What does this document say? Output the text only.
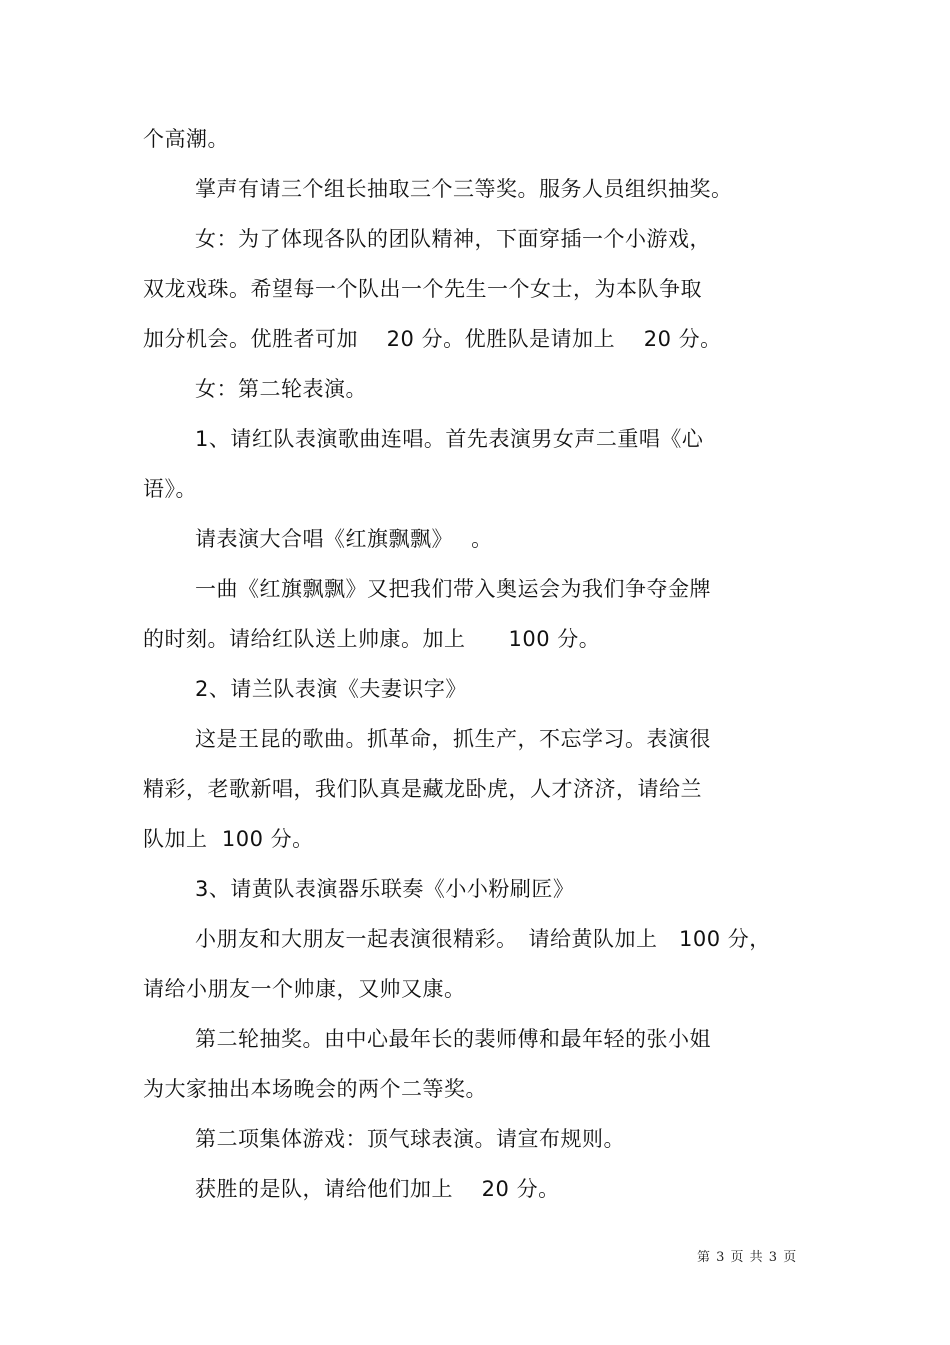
个高潮。
掌声有请三个组长抽取三个三等奖。服务人员组织抽奖。
女：为了体现各队的团队精神，下面穿插一个小游戏，
双龙戏珠。希望每一个队出一个先生一个女士，为本队争取
加分机会。优胜者可加　 20 分。优胜队是请加上　 20 分。
女：第二轮表演。
1、请红队表演歌曲连唱。首先表演男女声二重唱《心
语》。
请表演大合唱《红旗飘飘》　 。
一曲《红旗飘飘》又把我们带入奥运会为我们争夺金牌
的时刻。请给红队送上帅康。加上　　100 分。
2、请兰队表演《夫妻识字》
这是王昆的歌曲。抓革命，抓生产，不忘学习。表演很
精彩，老歌新唱，我们队真是藏龙卧虎，人才济济，请给兰
队加上  100 分。
3、请黄队表演器乐联奏《小小粉刷匠》
小朋友和大朋友一起表演很精彩。　请给黄队加上　100 分，
请给小朋友一个帅康，又帅又康。
第二轮抽奖。由中心最年长的裴师傅和最年轻的张小姐
为大家抽出本场晚会的两个二等奖。
第二项集体游戏：顶气球表演。请宣布规则。
获胜的是队，请给他们加上　 20 分。
第 3 页 共 3 页
